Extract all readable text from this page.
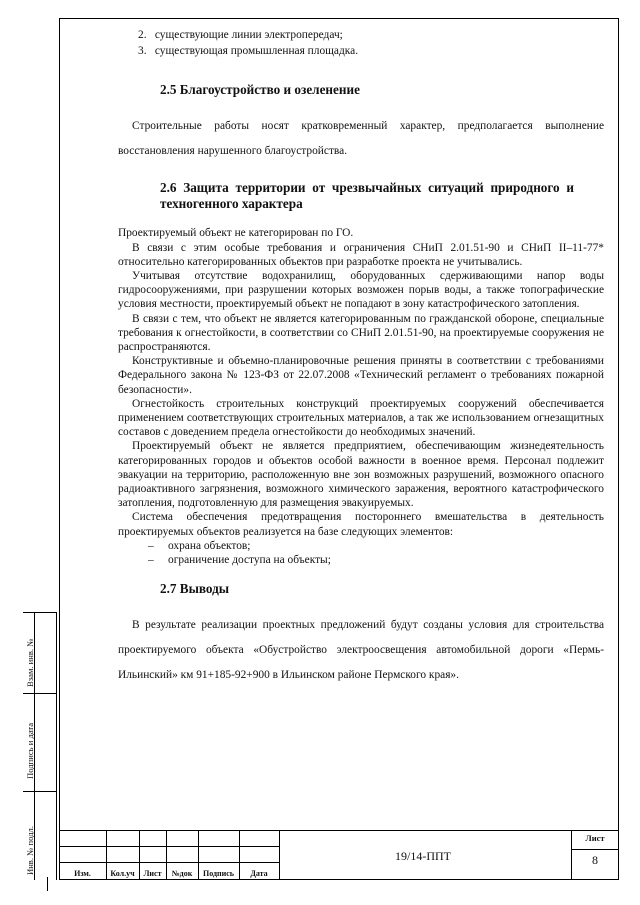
2. существующие линии электропередач;
3. существующая промышленная площадка.
2.5 Благоустройство и озеленение

Строительные работы носят кратковременный характер, предполагается выполнение восстановления нарушенного благоустройства.

2.6 Защита территории от чрезвычайных ситуаций природного и техногенного характера

Проектируемый объект не категорирован по ГО.

В связи с этим особые требования и ограничения СНиП 2.01.51-90 и СНиП II–11-77* относительно категорированных объектов при разработке проекта не учитывались.

Учитывая отсутствие водохранилищ, оборудованных сдерживающими напор воды гидросооружениями, при разрушении которых возможен порыв воды, а также топографические условия местности, проектируемый объект не попадают в зону катастрофического затопления.

В связи с тем, что объект не является категорированным по гражданской обороне, специальные требования к огнестойкости, в соответствии со СНиП 2.01.51-90, на проектируемые сооружения не распространяются.

Конструктивные и объемно-планировочные решения приняты в соответствии с требованиями Федерального закона № 123-ФЗ от 22.07.2008 «Технический регламент о требованиях пожарной безопасности».

Огнестойкость строительных конструкций проектируемых сооружений обеспечивается применением соответствующих строительных материалов, а так же использованием огнезащитных составов с доведением предела огнестойкости до необходимых значений.

Проектируемый объект не является предприятием, обеспечивающим жизнедеятельность категорированных городов и объектов особой важности в военное время. Персонал подлежит эвакуации на территорию, расположенную вне зон возможных разрушений, возможного опасного радиоактивного загрязнения, возможного химического заражения, вероятного катастрофического затопления, подготовленную для размещения эвакуируемых.

Система обеспечения предотвращения постороннего вмешательства в деятельность проектируемых объектов реализуется на базе следующих элементов:

– охрана объектов;
– ограничение доступа на объекты;
2.7 Выводы

В результате реализации проектных предложений будут созданы условия для строительства проектируемого объекта «Обустройство электроосвещения автомобильной дороги «Пермь-Ильинский» км 91+185-92+900 в Ильинском районе Пермского края».

Взам. инв. №
Подпись и дата
Инв. № подл.	Изм.	Кол.уч	Лист	№док	Подпись	Дата
19/14-ППТ
Лист
8
